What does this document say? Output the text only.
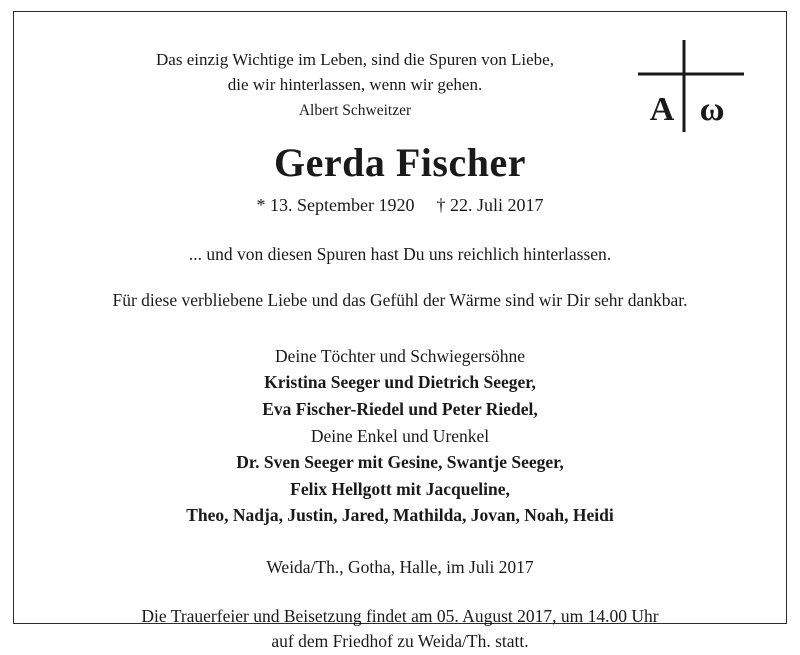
A ω
Das einzig Wichtige im Leben, sind die Spuren von Liebe,
die wir hinterlassen, wenn wir gehen.
Albert Schweitzer
Gerda Fischer
* 13. September 1920 † 22. Juli 2017
... und von diesen Spuren hast Du uns reichlich hinterlassen.
Für diese verbliebene Liebe und das Gefühl der Wärme sind wir Dir sehr dankbar.
Deine Töchter und Schwiegersöhne
Kristina Seeger und Dietrich Seeger,
Eva Fischer-Riedel und Peter Riedel,
Deine Enkel und Urenkel
Dr. Sven Seeger mit Gesine, Swantje Seeger,
Felix Hellgott mit Jacqueline,
Theo, Nadja, Justin, Jared, Mathilda, Jovan, Noah, Heidi
Weida/Th., Gotha, Halle, im Juli 2017
Die Trauerfeier und Beisetzung findet am 05. August 2017, um 14.00 Uhr
auf dem Friedhof zu Weida/Th. statt.
